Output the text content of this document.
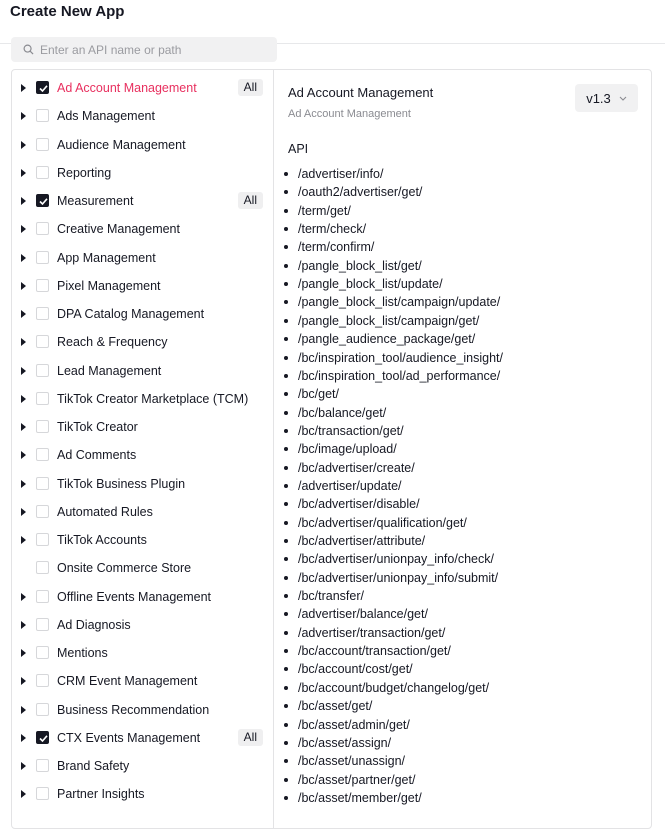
Create New App
Enter an API name or path
Ad Account Management	All
Ads Management
Audience Management
Reporting
Measurement	All
Creative Management
App Management
Pixel Management
DPA Catalog Management
Reach & Frequency
Lead Management
TikTok Creator Marketplace (TCM)
TikTok Creator
Ad Comments
TikTok Business Plugin
Automated Rules
TikTok Accounts
Onsite Commerce Store
Offline Events Management
Ad Diagnosis
Mentions
CRM Event Management
Business Recommendation
CTX Events Management	All
Brand Safety
Partner Insights
Ad Account Management
Ad Account Management
v1.3
API
/advertiser/info/
/oauth2/advertiser/get/
/term/get/
/term/check/
/term/confirm/
/pangle_block_list/get/
/pangle_block_list/update/
/pangle_block_list/campaign/update/
/pangle_block_list/campaign/get/
/pangle_audience_package/get/
/bc/inspiration_tool/audience_insight/
/bc/inspiration_tool/ad_performance/
/bc/get/
/bc/balance/get/
/bc/transaction/get/
/bc/image/upload/
/bc/advertiser/create/
/advertiser/update/
/bc/advertiser/disable/
/bc/advertiser/qualification/get/
/bc/advertiser/attribute/
/bc/advertiser/unionpay_info/check/
/bc/advertiser/unionpay_info/submit/
/bc/transfer/
/advertiser/balance/get/
/advertiser/transaction/get/
/bc/account/transaction/get/
/bc/account/cost/get/
/bc/account/budget/changelog/get/
/bc/asset/get/
/bc/asset/admin/get/
/bc/asset/assign/
/bc/asset/unassign/
/bc/asset/partner/get/
/bc/asset/member/get/
